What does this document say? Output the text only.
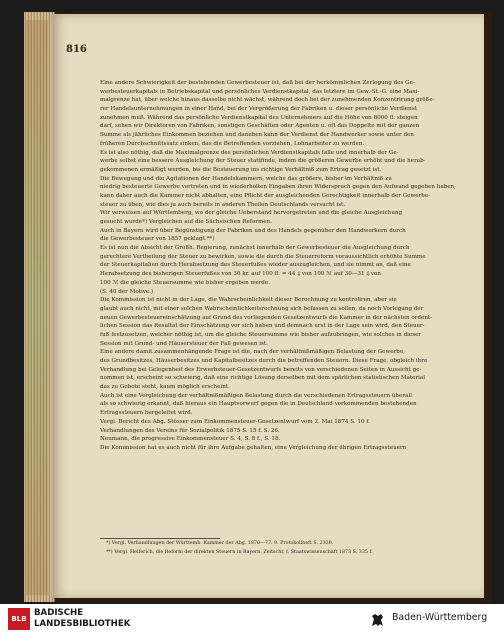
816
Eine andere Schwierigkeit der bestehenden Gewerbesteuer ist, daß bei der herkömmlichen Zerlegung des Ge-
werbesteuerkapitals in Betriebskapital und persönliches Verdienstkapital, das letztere im Gew.-St.-G. eine Maxi-
malgrenze hat, über welche hinaus dasselbe nicht wächst, während doch bei der zunehmenden Konzentrirung größe-
rer Handelsunternehmungen in einer Hand, bei der Vergrößerung der Fabriken u. dieser persönliche Verdienst
zunehmen muß. Während das persönliche Verdienstkapital des Unternehmers auf die Höhe von 8000 fl. steigen
darf, sehen wir Direktoren von Fabriken, sonstigen Geschäften oder Agenten u. oft das Doppelte mit der ganzen
Summe als jährliches Einkommen beziehen und daneben kann der Verdienst der Handwerker sowie unter den
früheren Durchschnittssatz sinken, das die Betreffenden vorziehen, Lohnarbeiter zu werden.
Es ist also nöthig, daß die Maximalgrenze des persönlichen Verdienstkapitals falle und innerhalb der Ge-
werbe selbst eine bessere Ausgleichung der Steuer stattfinde, indem die größeren Gewerbe erhöht und die herab-
gekommenen ermäßigt werden, bis die Besteuerung ins richtige Verhältniß zum Ertrag gesetzt ist.
Die Bewegung und die Agitationen der Handelskammern, welche das größere, bisher im Verhältniß zu
niedrig besteuerte Gewerbe vertreten und in wiederholten Eingaben ihren Widerspruch gegen den Aufwand gegeben haben,
kann daher auch die Kammer nicht abhalten, eine Pflicht der ausgleichenden Gerechtigkeit innerhalb der Gewerbe-
steuer zu üben, wie dies ja auch bereits in anderen Theilen Deutschlands versucht ist.
Wir verweisen auf Württemberg, wo der gleiche Ueberstand hervorgetreten und die gleiche Ausgleichung
gesucht wurde*) Vergleichen auf die Sächsischen Reformen.
Auch in Bayern wird über Begünstigung der Fabriken und des Handels gegenüber den Handwerkern durch
die Gewerbesteuer von 1857 geklagt.**)
Es ist nun die Absicht der Großh. Regierung, zunächst innerhalb der Gewerbesteuer die Ausgleichung durch
gerechtere Vertheilung der Steuer zu bewirken, sowie die durch die Steuerreform voraussichtlich erhöhte Summe
der Steuerkapitalien durch Herabsetzung des Steuerfußes wieder auszugleichen, und sie nimmt an, daß eine
Herabsetzung des bisherigen Steuerfußes von 36 kr. auf 100 fl. = 44 ₰ von 100 ℳ auf 30—31 ₰ von
100 ℳ die gleiche Steuersumme wie bisher ergeben werde.
(S. 40 der Motive.)
Die Kommission ist nicht in der Lage, die Wahrscheinlichkeit dieser Berechnung zu kontroliren, aber sie
glaubt auch nicht, mit einer solchen Wahrscheinlichkeitsrechnung sich befassen zu sollen, da noch Vorlegung der
neuen Gewerbesteuereinschätzung auf Grund des vorliegenden Gesetzentwurfs die Kammer in der nächsten ordent-
lichen Session das Resultat der Einschätzung vor sich haben und demnach erst in der Lage sein wird, den Steuer-
fuß festzusetzen, welcher nöthig ist, um die gleiche Steuersumme wie bisher aufzubringen, wie solches in dieser
Session mit Grund- und Häusersteuer der Fall gewesen ist.
Eine andere damit zusammenhängende Frage ist die, nach der verhältnißmäßigen Belastung der Gewerbe,
des Grundbesitzes, Häuserbesitzes und Kapitalbesitzes durch die betreffenden Steuern. Diese Frage, obgleich ihre
Verhandlung bei Gelegenheit des Erwerbsteuer-Gesetzentwurfs bereits von verschiedenen Seiten in Aussicht ge-
nommen ist, erscheint so schwierig, daß eine richtige Lösung derselben mit dem spärlichen statistischen Material
das zu Gebote steht, kaum möglich erscheint.
Auch ist eine Vergleichung der verhältnißmäßigen Belastung durch die verschiedenen Ertragssteuern überall
als so schwierig erkannt, daß hieraus ein Hauptvorwurf gegen die in Deutschland vorkommenden bestehenden
Ertragssteuern hergeleitet wird.
Vergl. Bericht des Abg. Stösser zum Einkommensteuer-Gesetzentwurf vom 2. Mai 1874 S. 10 f.
Verhandlungen des Vereins für Sozialpolitik 1875 S. 15 f. S. 26.
Neumann, die progressive Einkommensteuer S. 4, S. 8 f., S. 18.
Die Kommission hat es auch nicht für ihre Aufgabe gehalten, eine Vergleichung der übrigen Ertragssteuern
*) Vergl. Verhandlungen der Württemb. Kammer der Abg. 1870—77. 9. Protokollheft S. 2339.
**) Vergl. Helferich, die Reform der direkten Steuern in Bayern. Zeitschr. f. Staatswissenschaft 1873 S. 335 f.
BLB
BADISCHE
LANDESBIBLIOTHEK
Baden-Württemberg
